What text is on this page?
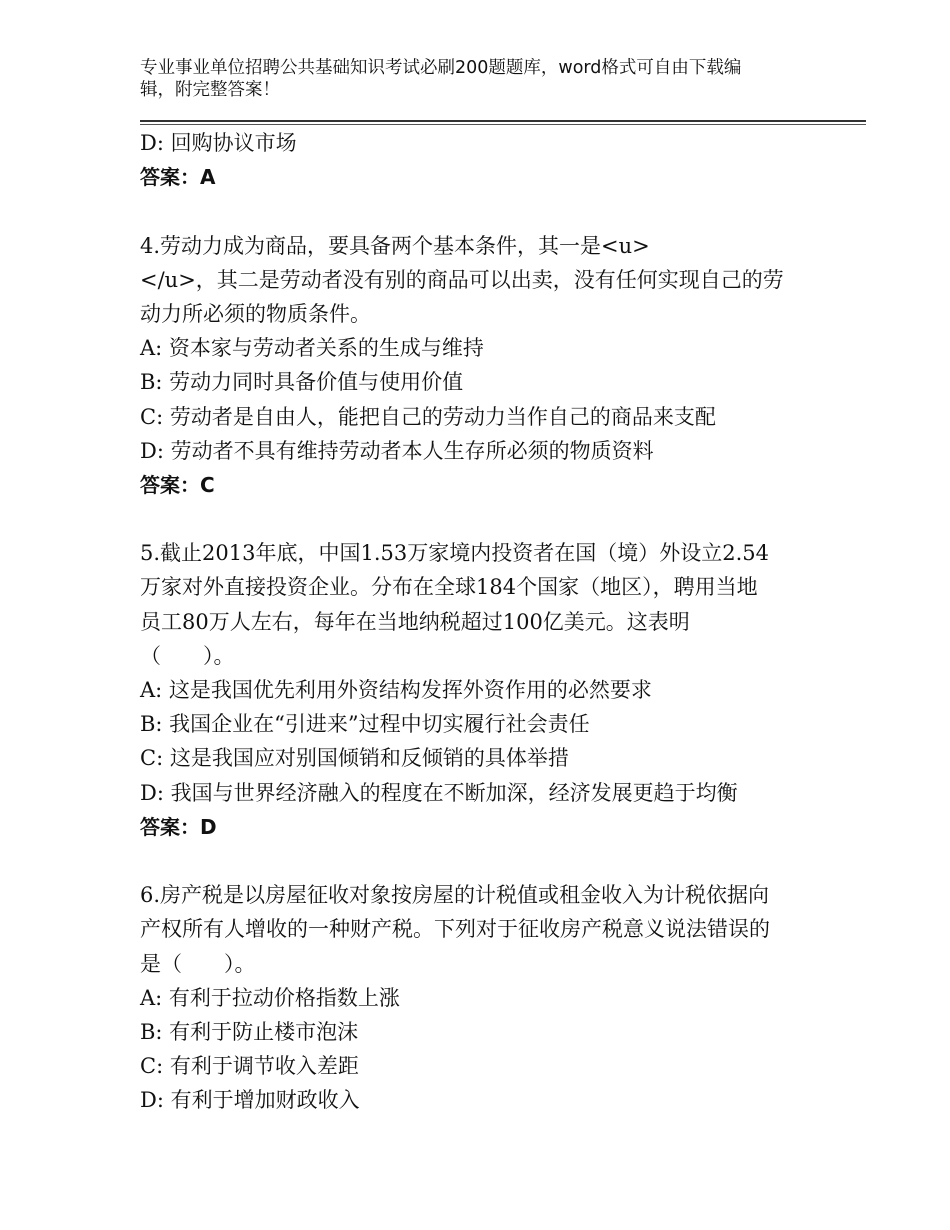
专业事业单位招聘公共基础知识考试必刷200题题库，word格式可自由下载编
辑，附完整答案！
D: 回购协议市场
答案：A
4.劳动力成为商品，要具备两个基本条件，其一是<u>
</u>，其二是劳动者没有别的商品可以出卖，没有任何实现自己的劳
动力所必须的物质条件。
A: 资本家与劳动者关系的生成与维持
B: 劳动力同时具备价值与使用价值
C: 劳动者是自由人，能把自己的劳动力当作自己的商品来支配
D: 劳动者不具有维持劳动者本人生存所必须的物质资料
答案：C
5.截止2013年底，中国1.53万家境内投资者在国（境）外设立2.54
万家对外直接投资企业。分布在全球184个国家（地区），聘用当地
员工80万人左右，每年在当地纳税超过100亿美元。这表明
（　　）。
A: 这是我国优先利用外资结构发挥外资作用的必然要求
B: 我国企业在“引进来”过程中切实履行社会责任
C: 这是我国应对别国倾销和反倾销的具体举措
D: 我国与世界经济融入的程度在不断加深，经济发展更趋于均衡
答案：D
6.房产税是以房屋征收对象按房屋的计税值或租金收入为计税依据向
产权所有人增收的一种财产税。下列对于征收房产税意义说法错误的
是（　　）。
A: 有利于拉动价格指数上涨
B: 有利于防止楼市泡沫
C: 有利于调节收入差距
D: 有利于增加财政收入
